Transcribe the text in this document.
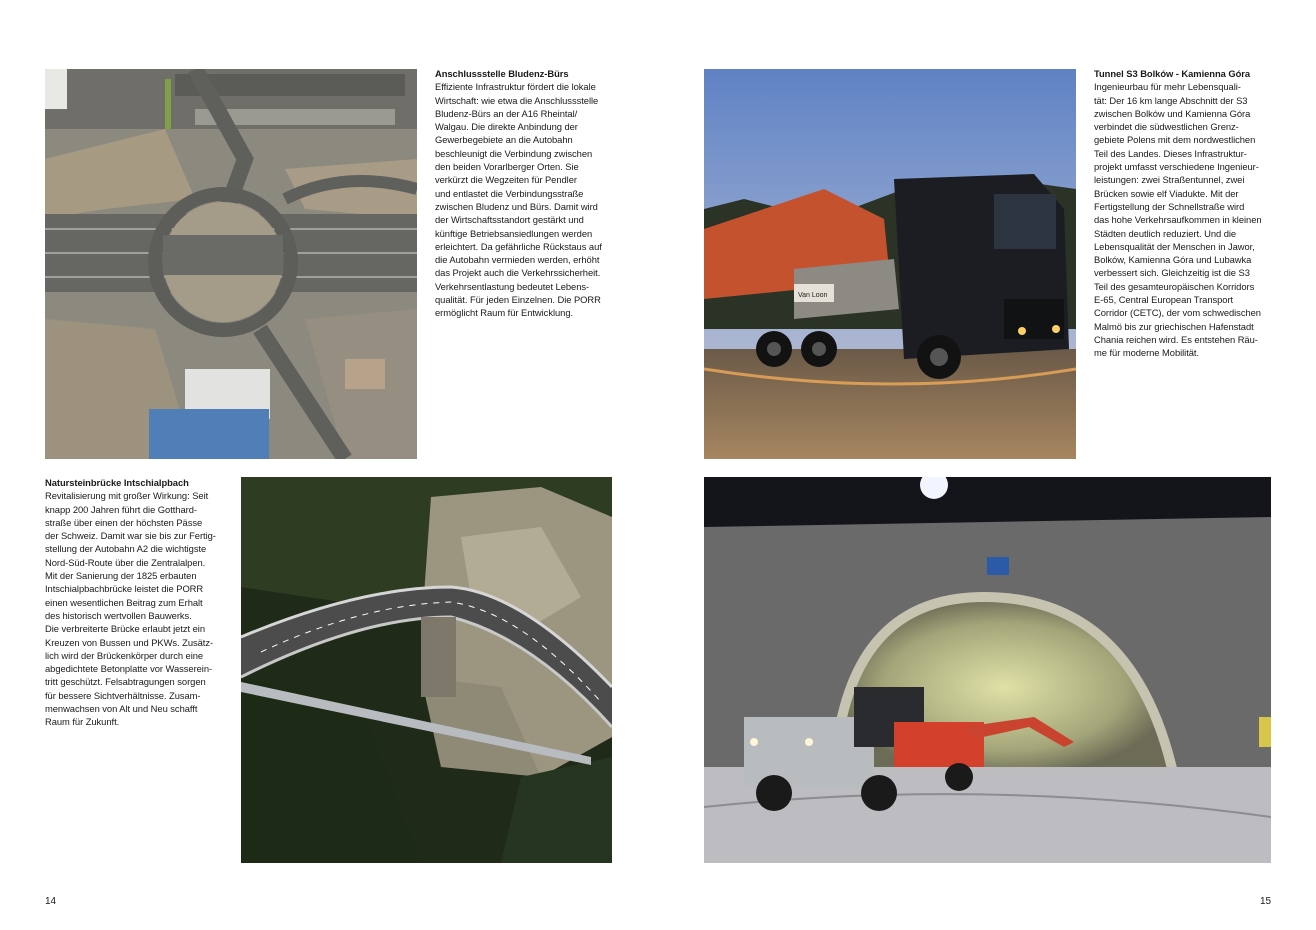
Anschlussstelle Bludenz-Bürs
Effiziente Infrastruktur fördert die lokale
Wirtschaft: wie etwa die Anschlussstelle
Bludenz-Bürs an der A16 Rheintal/
Walgau. Die direkte Anbindung der
Gewerbegebiete an die Autobahn
beschleunigt die Verbindung zwischen
den beiden Vorarlberger Orten. Sie
verkürzt die Wegzeiten für Pendler
und entlastet die Verbindungsstraße
zwischen Bludenz und Bürs. Damit wird
der Wirtschaftsstandort gestärkt und
künftige Betriebsansiedlungen werden
erleichtert. Da gefährliche Rückstaus auf
die Autobahn vermieden werden, erhöht
das Projekt auch die Verkehrssicherheit.
Verkehrsentlastung bedeutet Lebens-
qualität. Für jeden Einzelnen. Die PORR
ermöglicht Raum für Entwicklung.
Van Loon
Tunnel S3 Bolków - Kamienna Góra
Ingenieurbau für mehr Lebensquali-
tät: Der 16 km lange Abschnitt der S3
zwischen Bolków und Kamienna Góra
verbindet die südwestlichen Grenz-
gebiete Polens mit dem nordwestlichen
Teil des Landes. Dieses Infrastruktur-
projekt umfasst verschiedene Ingenieur-
leistungen: zwei Straßentunnel, zwei
Brücken sowie elf Viadukte. Mit der
Fertigstellung der Schnellstraße wird
das hohe Verkehrsaufkommen in kleinen
Städten deutlich reduziert. Und die
Lebensqualität der Menschen in Jawor,
Bolków, Kamienna Góra und Lubawka
verbessert sich. Gleichzeitig ist die S3
Teil des gesamteuropäischen Korridors
E-65, Central European Transport
Corridor (CETC), der vom schwedischen
Malmö bis zur griechischen Hafenstadt
Chania reichen wird. Es entstehen Räu-
me für moderne Mobilität.
Natursteinbrücke Intschialpbach
Revitalisierung mit großer Wirkung: Seit
knapp 200 Jahren führt die Gotthard-
straße über einen der höchsten Pässe
der Schweiz. Damit war sie bis zur Fertig-
stellung der Autobahn A2 die wichtigste
Nord-Süd-Route über die Zentralalpen.
Mit der Sanierung der 1825 erbauten
Intschialpbachbrücke leistet die PORR
einen wesentlichen Beitrag zum Erhalt
des historisch wertvollen Bauwerks.
Die verbreiterte Brücke erlaubt jetzt ein
Kreuzen von Bussen und PKWs. Zusätz-
lich wird der Brückenkörper durch eine
abgedichtete Betonplatte vor Wasserein-
tritt geschützt. Felsabtragungen sorgen
für bessere Sichtverhältnisse. Zusam-
menwachsen von Alt und Neu schafft
Raum für Zukunft.
14	15
